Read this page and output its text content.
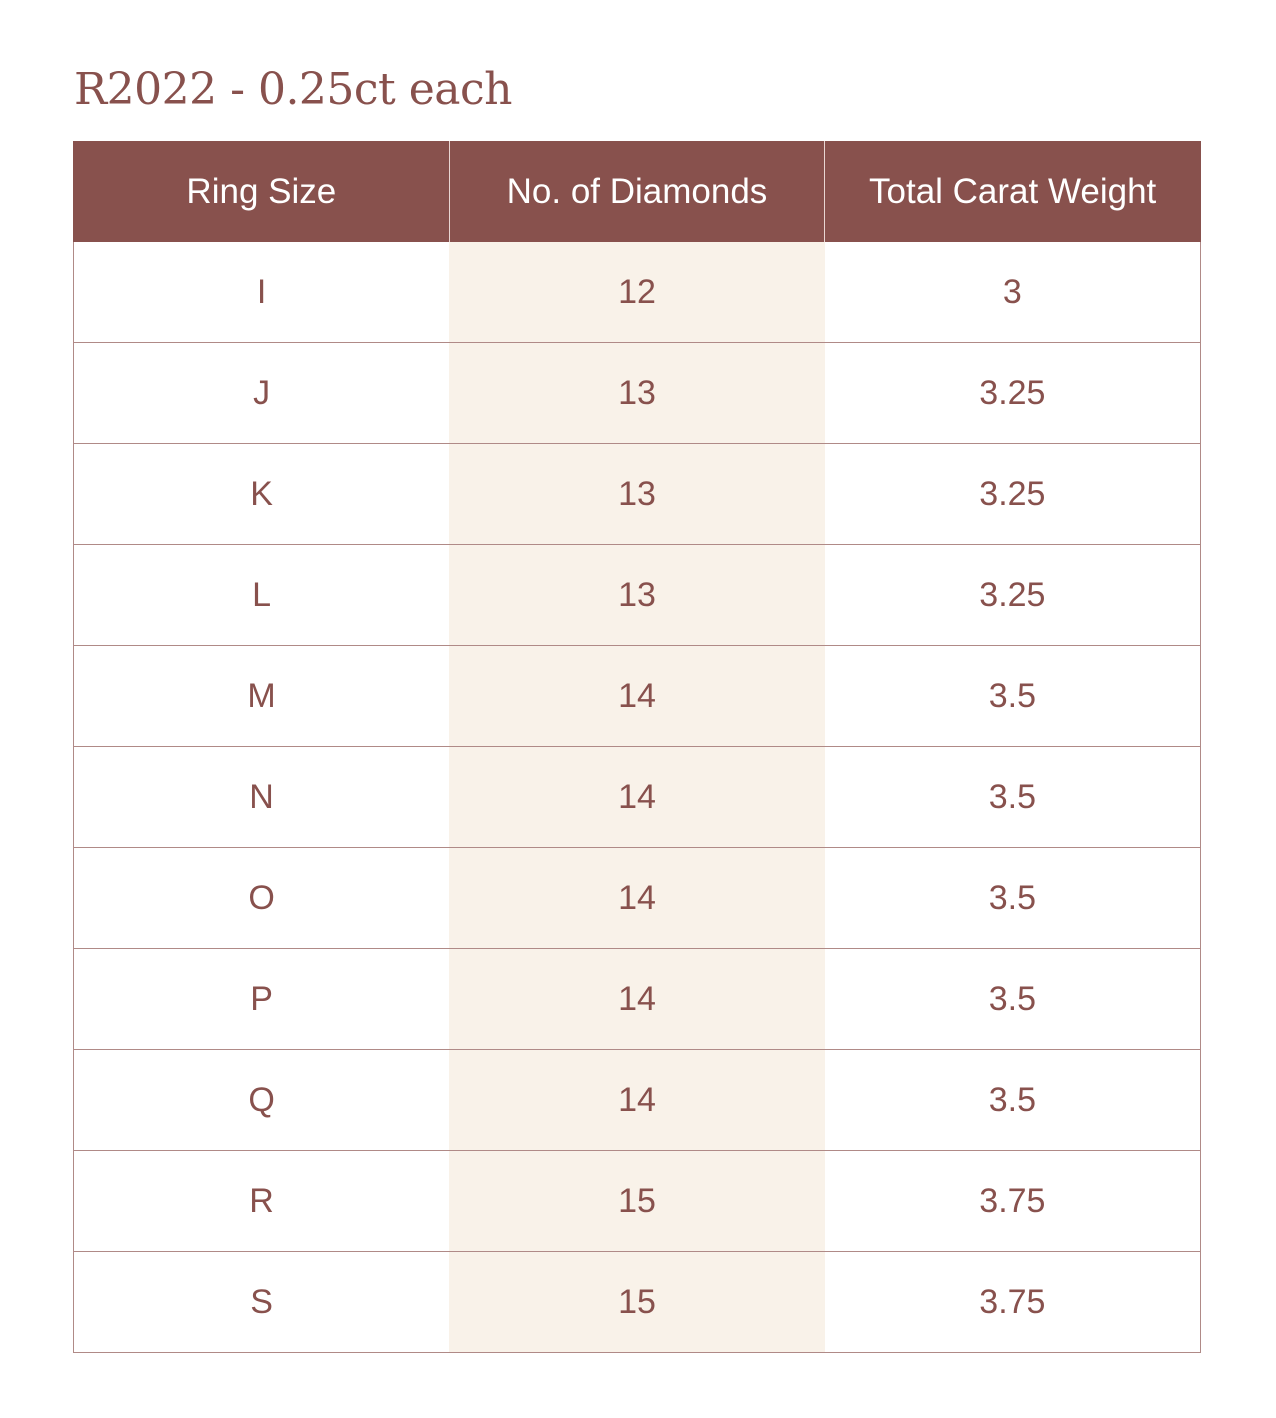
R2022 - 0.25ct each
Ring Size	No. of Diamonds	Total Carat Weight
I	12	3
J	13	3.25
K	13	3.25
L	13	3.25
M	14	3.5
N	14	3.5
O	14	3.5
P	14	3.5
Q	14	3.5
R	15	3.75
S	15	3.75
